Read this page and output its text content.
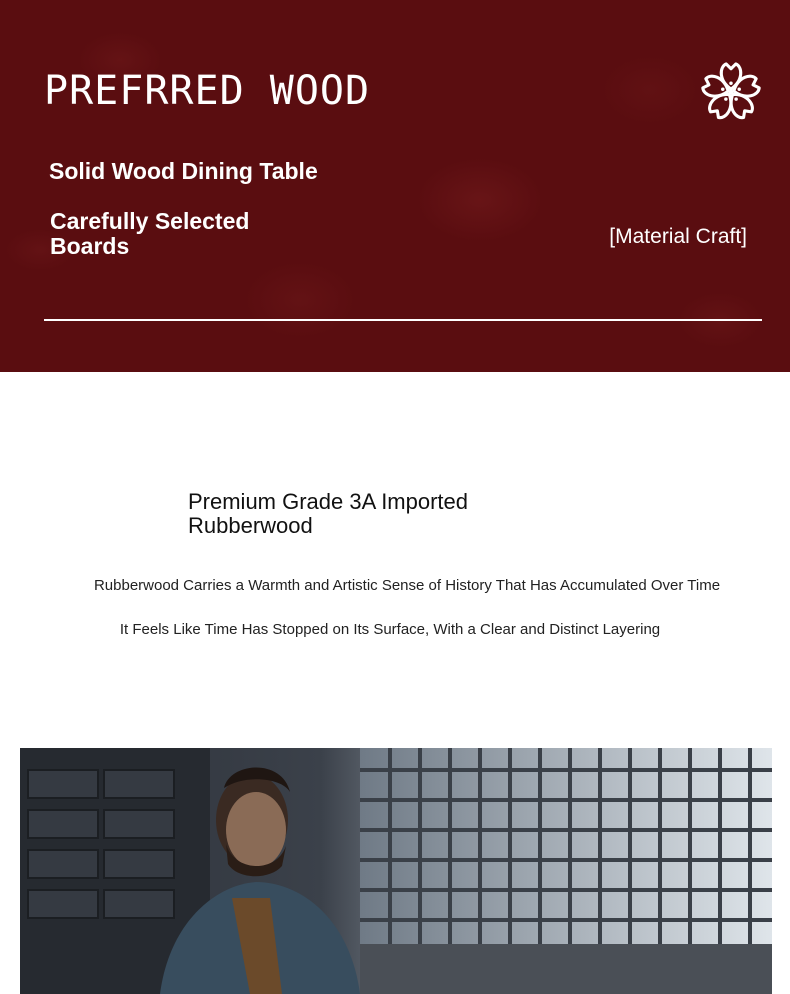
PREFRRED WOOD
Solid Wood Dining Table
Carefully Selected Boards	[Material Craft]
Premium Grade 3A Imported Rubberwood
Rubberwood Carries a Warmth and Artistic Sense of History That Has Accumulated Over Time
It Feels Like Time Has Stopped on Its Surface, With a Clear and Distinct Layering
